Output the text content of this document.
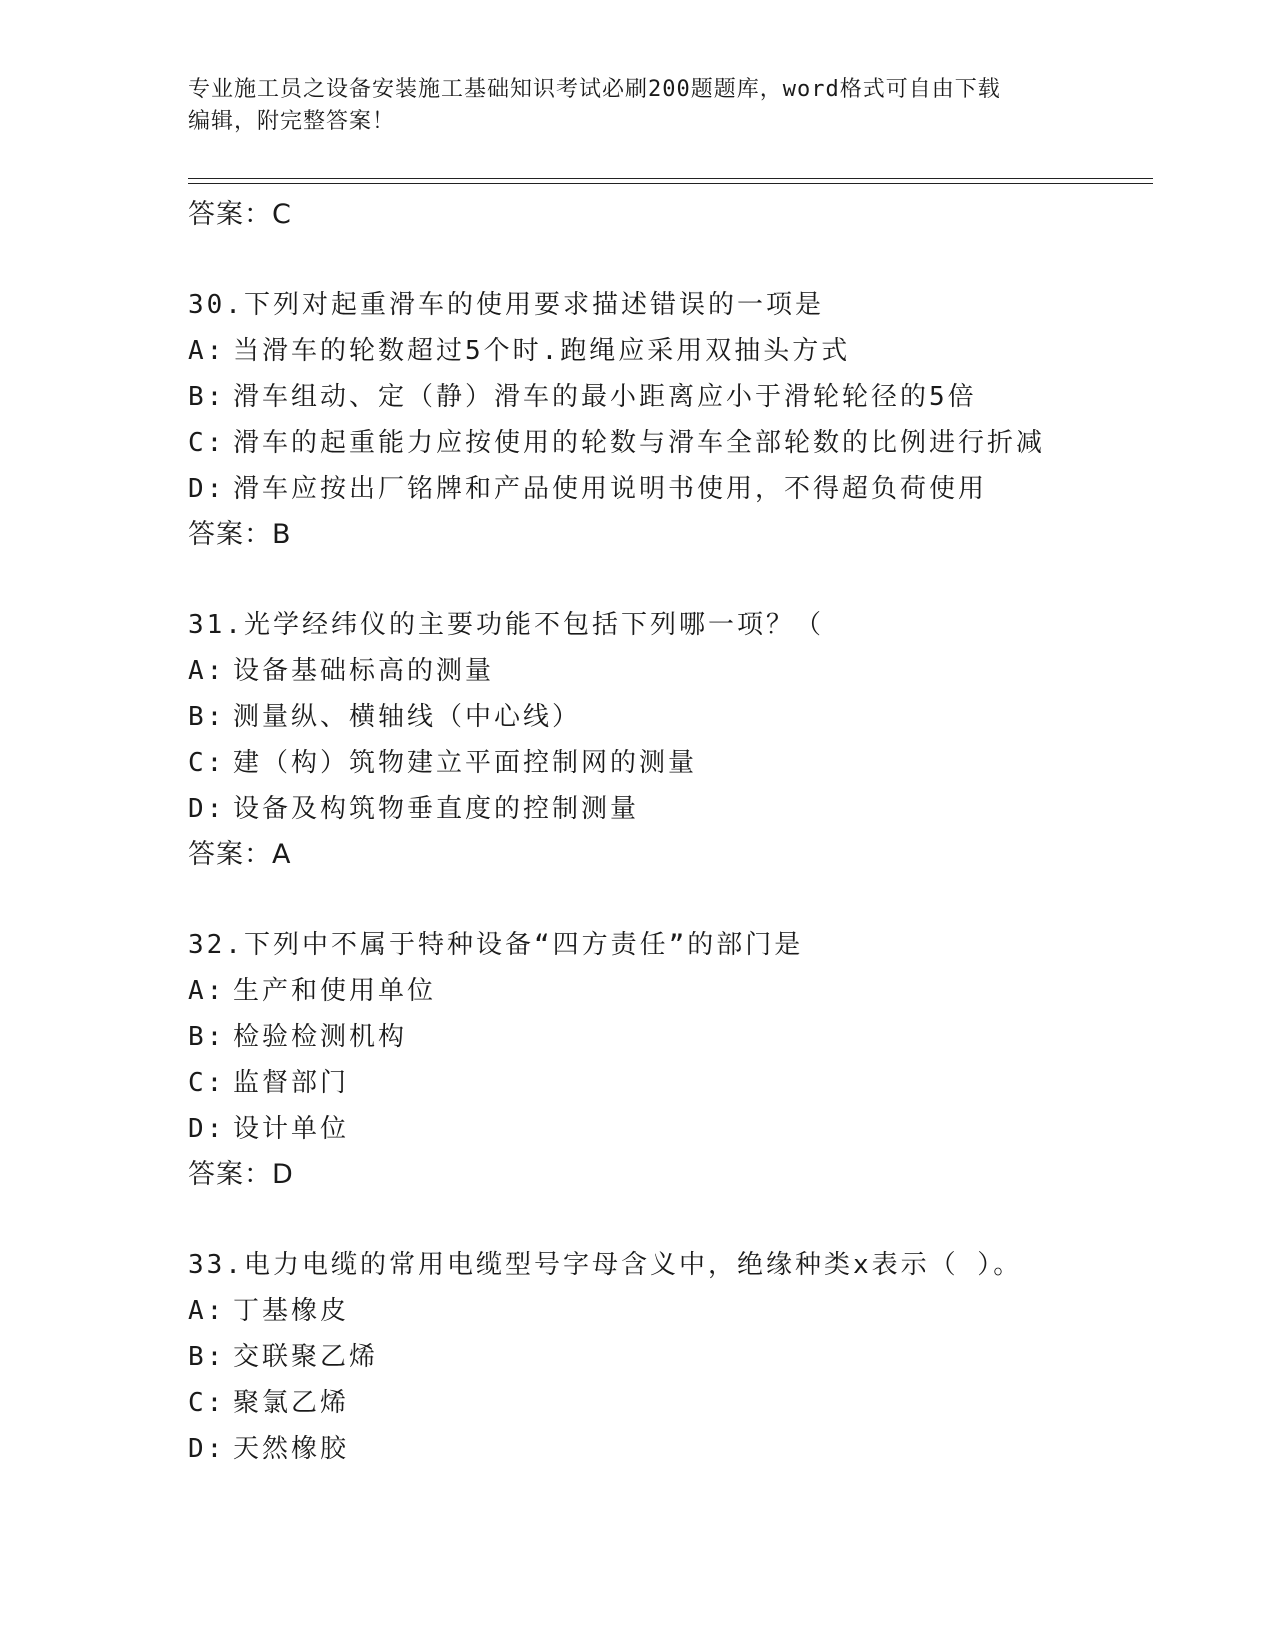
专业施工员之设备安装施工基础知识考试必刷200题题库，word格式可自由下载
编辑，附完整答案！
答案：C
30.下列对起重滑车的使用要求描述错误的一项是
A: 当滑车的轮数超过5个时.跑绳应采用双抽头方式
B: 滑车组动、定（静）滑车的最小距离应小于滑轮轮径的5倍
C: 滑车的起重能力应按使用的轮数与滑车全部轮数的比例进行折减
D: 滑车应按出厂铭牌和产品使用说明书使用，不得超负荷使用
答案：B
31.光学经纬仪的主要功能不包括下列哪一项？（
A: 设备基础标高的测量
B: 测量纵、横轴线（中心线）
C: 建（构）筑物建立平面控制网的测量
D: 设备及构筑物垂直度的控制测量
答案：A
32.下列中不属于特种设备“四方责任”的部门是
A: 生产和使用单位
B: 检验检测机构
C: 监督部门
D: 设计单位
答案：D
33.电力电缆的常用电缆型号字母含义中，绝缘种类x表示（ ）。
A: 丁基橡皮
B: 交联聚乙烯
C: 聚氯乙烯
D: 天然橡胶
